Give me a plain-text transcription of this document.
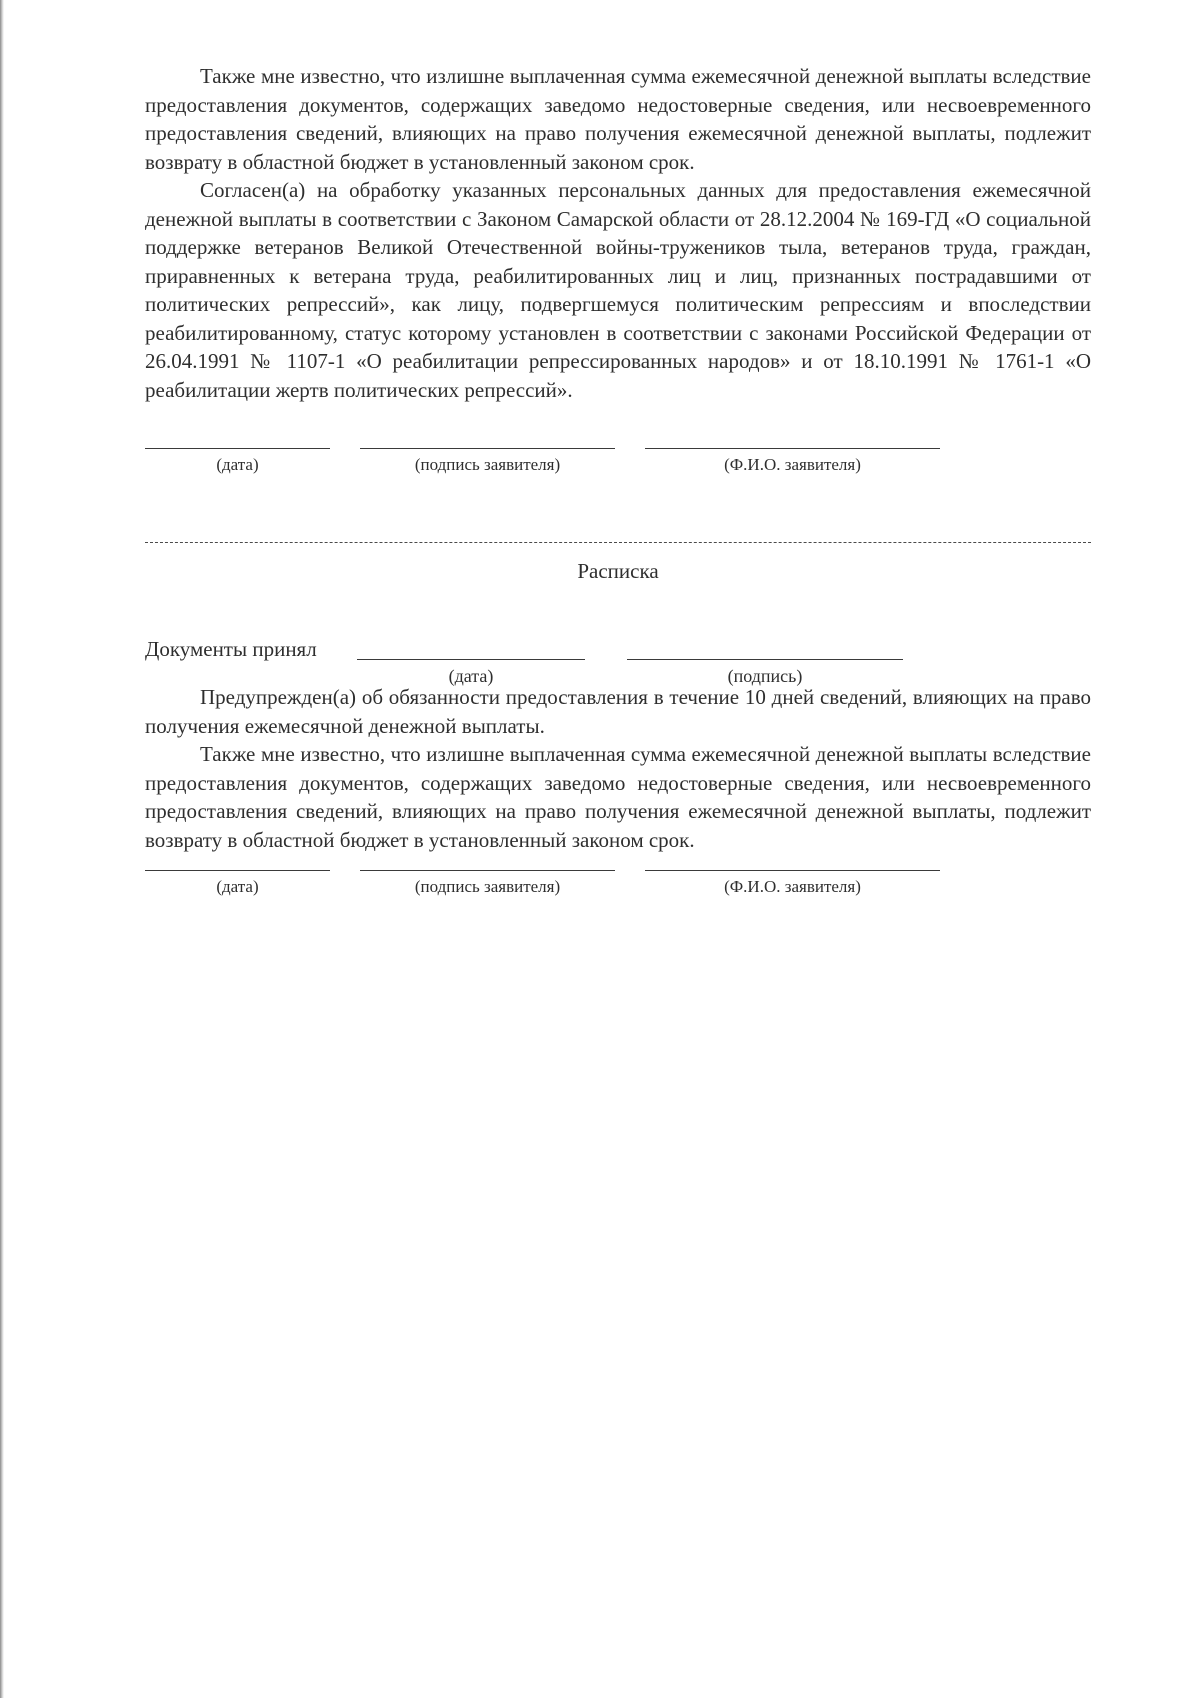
Также мне известно, что излишне выплаченная сумма ежемесячной денежной выплаты вследствие предоставления документов, содержащих заведомо недостоверные сведения, или несвоевременного предоставления сведений, влияющих на право получения ежемесячной денежной выплаты, подлежит возврату в областной бюджет в установленный законом срок.

Согласен(а) на обработку указанных персональных данных для предоставления ежемесячной денежной выплаты в соответствии с Законом Самарской области от 28.12.2004 № 169-ГД «О социальной поддержке ветеранов Великой Отечественной войны-тружеников тыла, ветеранов труда, граждан, приравненных к ветерана труда, реабилитированных лиц и лиц, признанных пострадавшими от политических репрессий», как лицу, подвергшемуся политическим репрессиям и впоследствии реабилитированному, статус которому установлен в соответствии с законами Российской Федерации от 26.04.1991 № 1107-1 «О реабилитации репрессированных народов» и от 18.10.1991 № 1761-1 «О реабилитации жертв политических репрессий».

(дата)	(подпись заявителя)	(Ф.И.О. заявителя)
Расписка
Документы принял
(дата)	(подпись)

Предупрежден(а) об обязанности предоставления в течение 10 дней сведений, влияющих на право получения ежемесячной денежной выплаты.

Также мне известно, что излишне выплаченная сумма ежемесячной денежной выплаты вследствие предоставления документов, содержащих заведомо недостоверные сведения, или несвоевременного предоставления сведений, влияющих на право получения ежемесячной денежной выплаты, подлежит возврату в областной бюджет в установленный законом срок.

(дата)	(подпись заявителя)	(Ф.И.О. заявителя)
